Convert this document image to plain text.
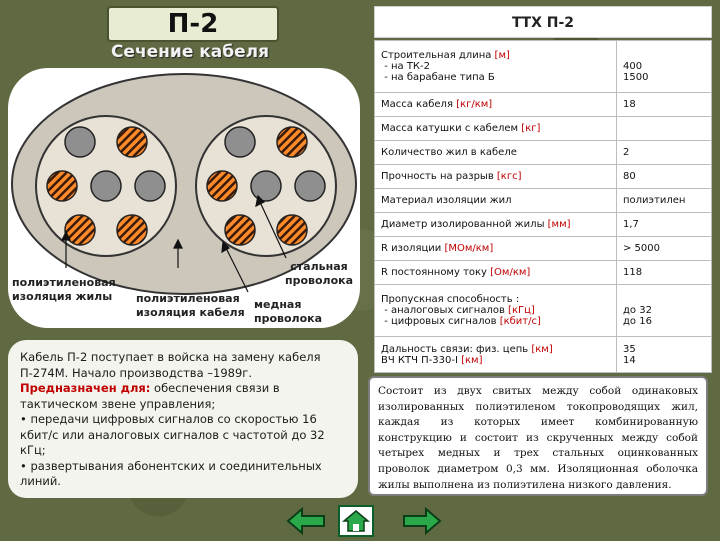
П-2
Сечение кабеля
полиэтиленовая изоляция жилы	полиэтиленовая изоляция кабеля
стальная проволока
медная проволока

Кабель П-2 поступает в войска на замену кабеля П-274М. Начало производства –1989г.

Предназначен для: обеспечения связи в тактическом звене управления;

• передачи цифровых сигналов со скоростью 16 кбит/с или аналоговых сигналов с частотой до 32 кГц;

• развертывания абонентских и соединительных линий.

ТТХ П-2
Строительная длина [м]
- на ТК-2
- на барабане типа Б	400
1500
Масса кабеля [кг/км]	18
Масса катушки с кабелем [кг]	
Количество жил в кабеле	2
Прочность на разрыв [кгс]	80
Материал изоляции жил	полиэтилен
Диаметр изолированной жилы [мм]	1,7
R изоляции [МОм/км]	> 5000
R постоянному току [Ом/км]	118
Пропускная способность :
- аналоговых сигналов [кГц]
- цифровых сигналов [кбит/с]	до 32
до 16
Дальность связи: физ. цепь [км]
ВЧ КТЧ П-330-I [км]	35
14
Состоит из двух свитых между собой одинаковых изолированных полиэтиленом токопроводящих жил, каждая из которых имеет комбинированную конструкцию и состоит из скрученных между собой четырех медных и трех стальных оцинкованных проволок диаметром 0,3 мм. Изоляционная оболочка жилы выполнена из полиэтилена низкого давления.
